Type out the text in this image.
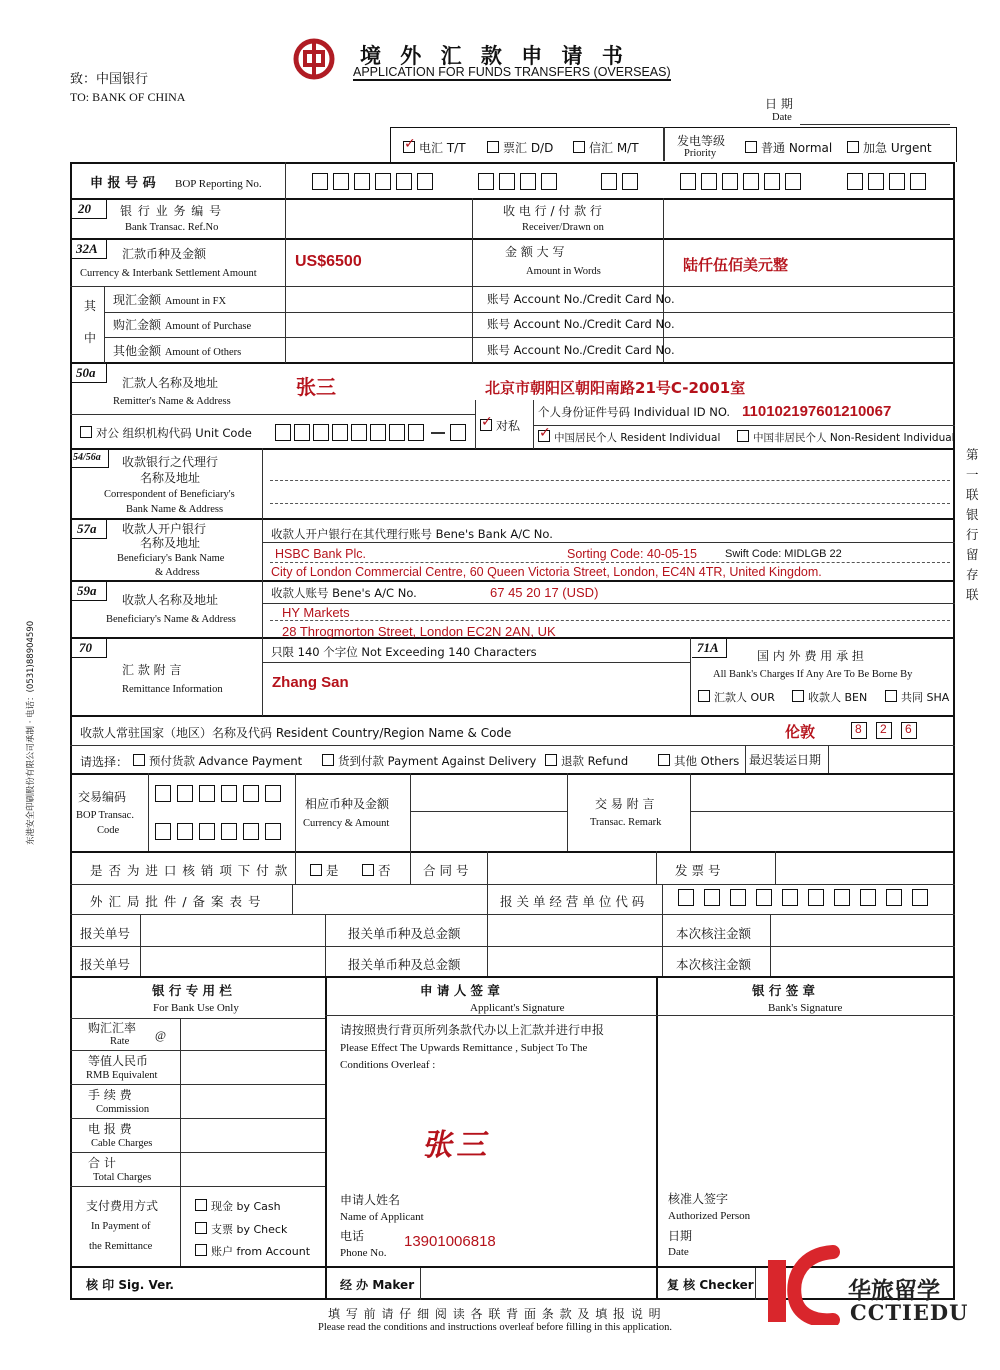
境 外 汇 款 申 请 书
APPLICATION FOR FUNDS TRANSFERS (OVERSEAS)
致：中国银行
TO: BANK OF CHINA	日 期
Date
✓电汇 T/T	票汇 D/D	信汇 M/T	发电等级
Priority	普通 Normal	加急 Urgent
申 报 号 码 BOP Reporting No.
20 银 行 业 务 编 号
Bank Transac. Ref.No
收 电 行 / 付 款 行
Receiver/Drawn on
32A 汇款币种及金额
Currency & Interbank Settlement Amount
US$6500
金 额 大 写
Amount in Words	陆仟伍佰美元整
其
中
现汇金额 Amount in FX
购汇金额 Amount of Purchase
其他金额 Amount of Others
账号 Account No./Credit Card No.
账号 Account No./Credit Card No.
账号 Account No./Credit Card No.
50a
汇款人名称及地址
Remitter's Name & Address
张三	北京市朝阳区朝阳南路21号C-2001室
对公 组织机构代码 Unit Code
✓	对私
个人身份证件号码 Individual ID NO. 110102197601210067
✓中国居民个人 Resident Individual	中国非居民个人 Non-Resident Individual
54/56a 收款银行之代理行
名称及地址
Correspondent of Beneficiary's
Bank Name & Address
57a 收款人开户银行
名称及地址
Beneficiary's Bank Name
& Address
收款人开户银行在其代理行账号 Bene's Bank A/C No.
HSBC Bank Plc.	Sorting Code: 40-05-15	Swift Code: MIDLGB 22
City of London Commercial Centre, 60 Queen Victoria Street, London, EC4N 4TR, United Kingdom.
59a
收款人名称及地址
Beneficiary's Name & Address
收款人账号 Bene's A/C No.	67 45 20 17 (USD)
HY Markets
28 Throgmorton Street, London EC2N 2AN, UK
70
汇 款 附 言
Remittance Information
只限 140 个字位 Not Exceeding 140 Characters
Zhang San
71A
国 内 外 费 用 承 担
All Bank's Charges If Any Are To Be Borne By
汇款人 OUR	收款人 BEN	共同 SHA
收款人常驻国家（地区）名称及代码 Resident Country/Region Name & Code	伦敦	8 2 6
请选择：	预付货款 Advance Payment	货到付款 Payment Against Delivery	退款 Refund	其他 Others 最迟装运日期
交易编码
BOP Transac.
Code
相应币种及金额
Currency & Amount
交 易 附 言
Transac. Remark
是 否 为 进 口 核 销 项 下 付 款	是	否	合 同 号	发 票 号
外 汇 局 批 件 / 备 案 表 号	报 关 单 经 营 单 位 代 码
报关单号	报关单币种及总金额	本次核注金额
报关单号	报关单币种及总金额	本次核注金额
银 行 专 用 栏
For Bank Use Only
购汇汇率
Rate @
等值人民币
RMB Equivalent
手 续 费
Commission
电 报 费
Cable Charges
合 计
Total Charges
支付费用方式
In Payment of
the Remittance
现金 by Cash
支票 by Check
账户 from Account
核 印 Sig. Ver.
申 请 人 签 章
Applicant's Signature
请按照贵行背页所列条款代办以上汇款并进行申报
Please Effect The Upwards Remittance , Subject To The
Conditions Overleaf :
张三
申请人姓名
Name of Applicant
电话
Phone No.
13901006818
经 办 Maker
银 行 签 章
Bank's Signature
核准人签字
Authorized Person
日期
Date
复 核 Checker
填 写 前 请 仔 细 阅 读 各 联 背 面 条 款 及 填 报 说 明
Please read the conditions and instructions overleaf before filling in this application.
第一联银行留存联
东港安全印刷股份有限公司承制 · 电话：(0531)88904590
华旅留学
CCTIEDU
